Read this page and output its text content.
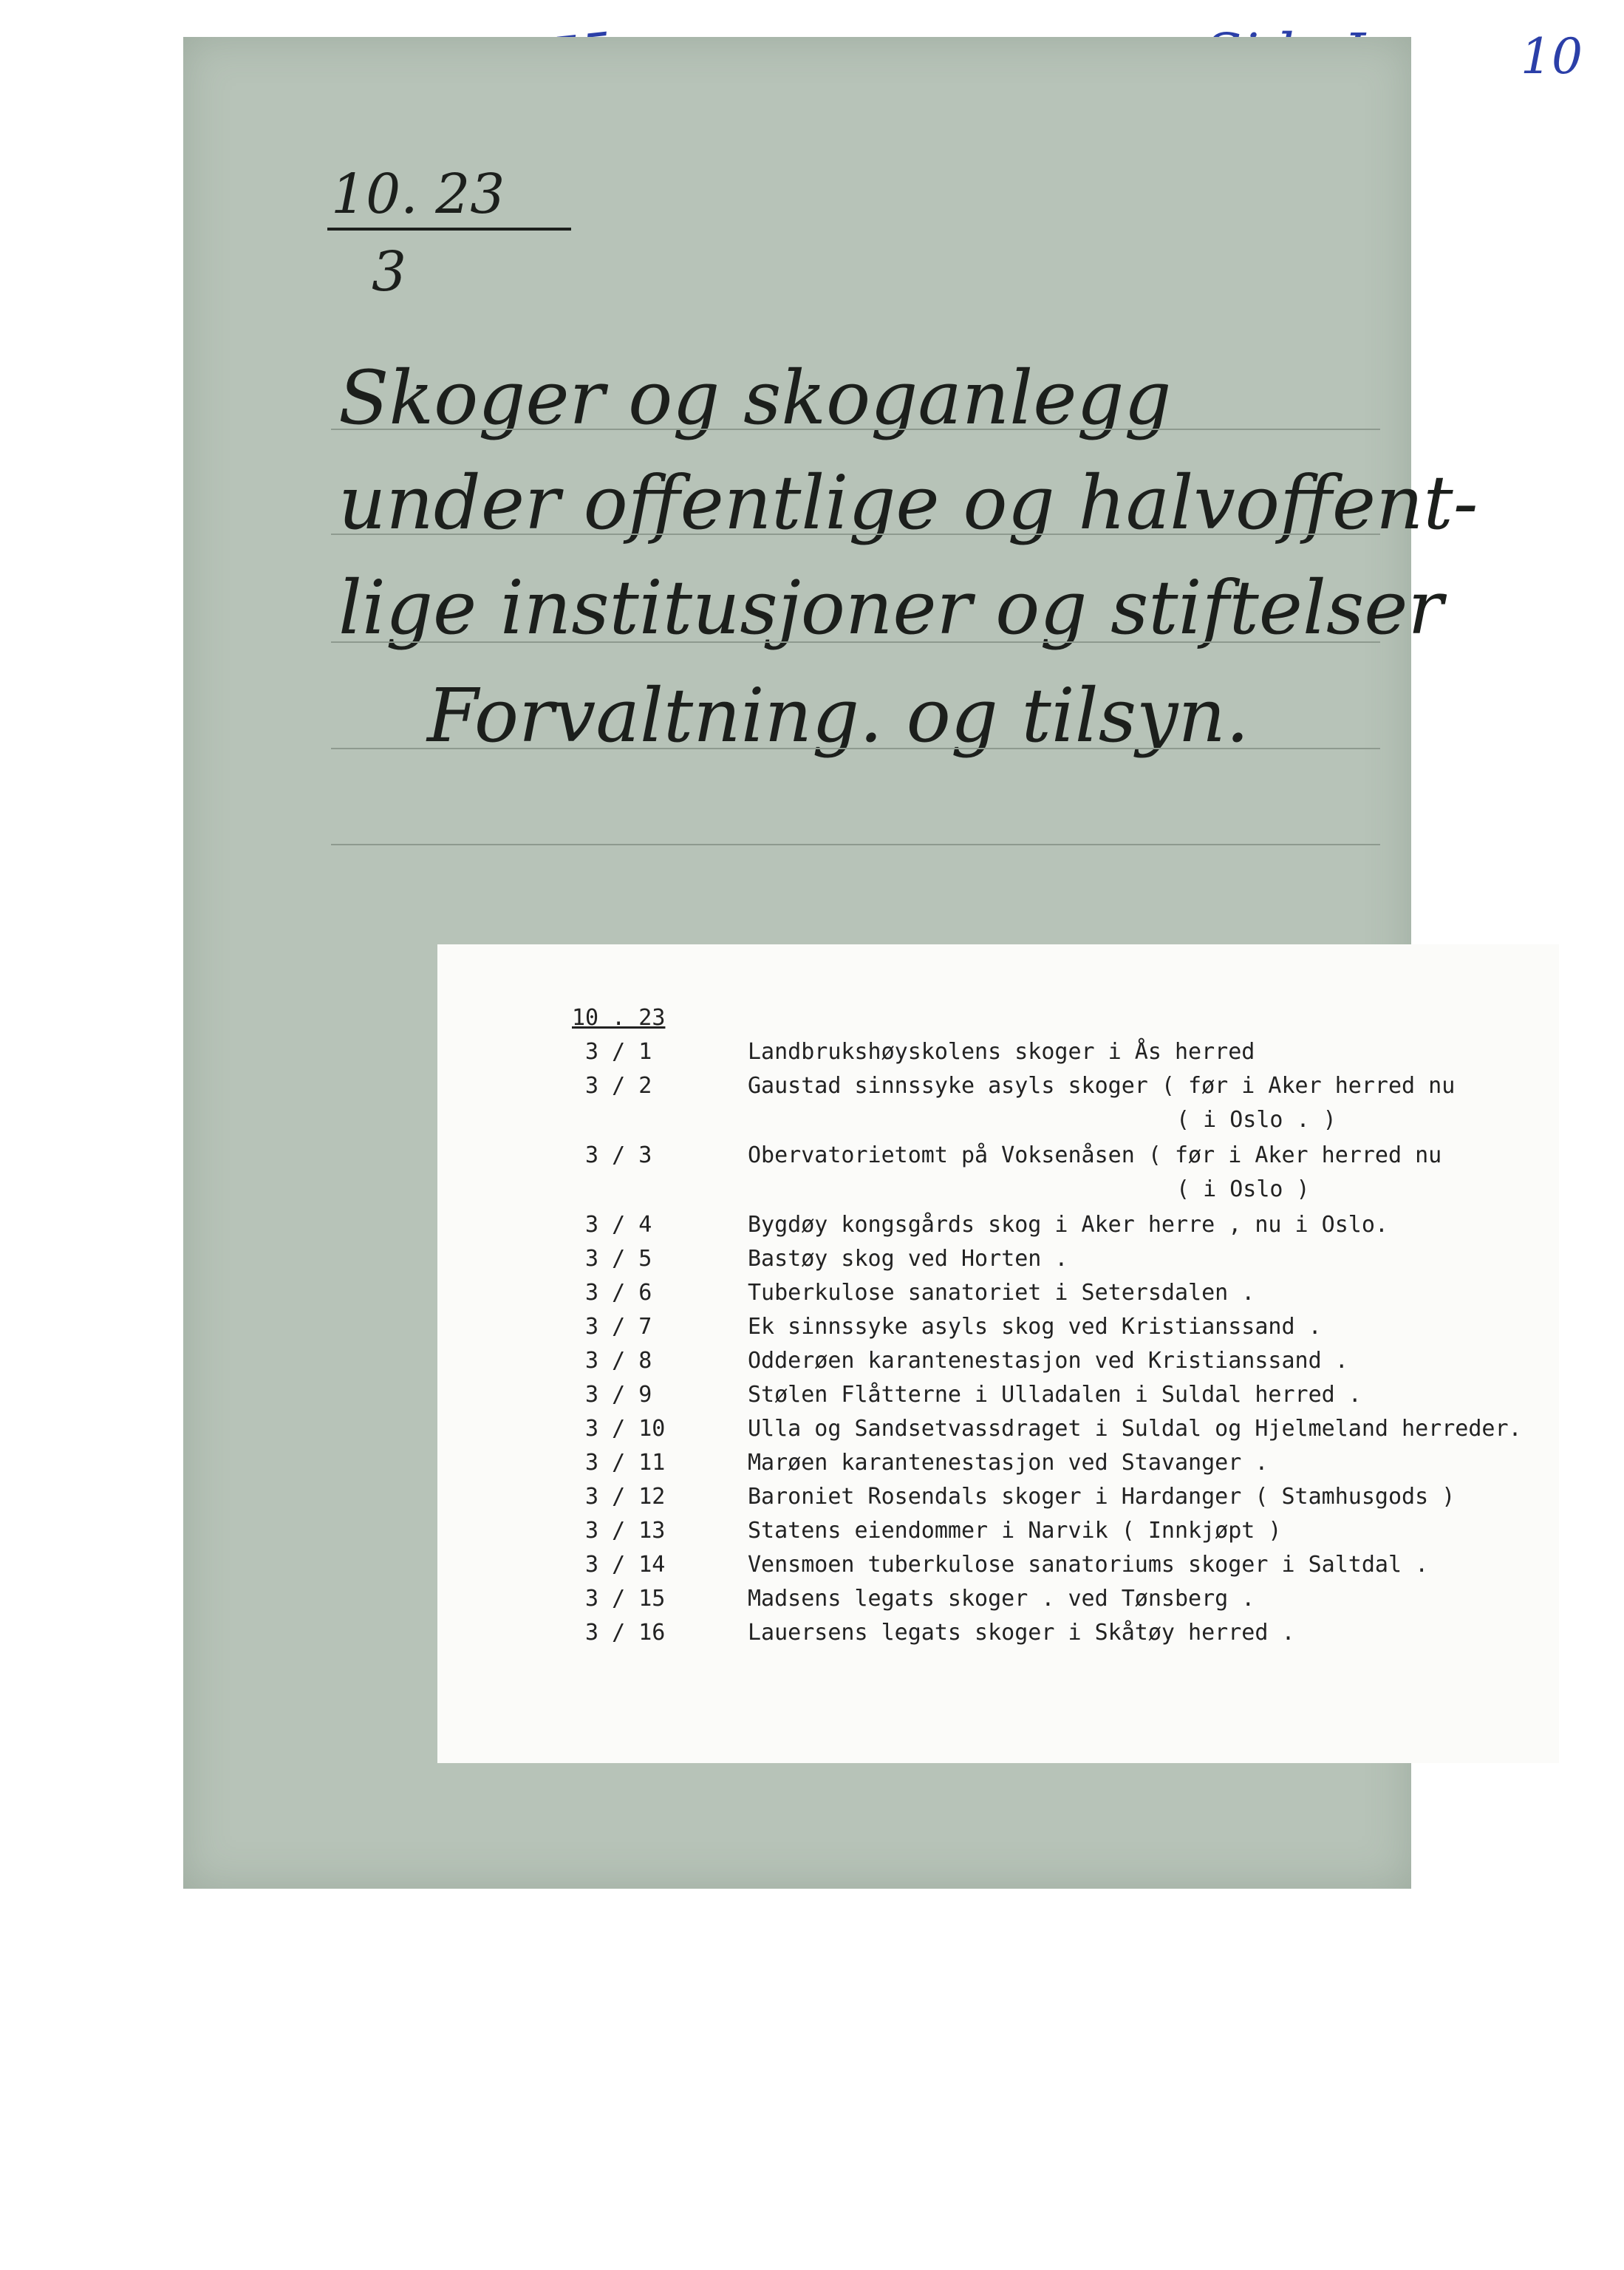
10
10. 23
3
Skoger og skoganlegg
under offentlige og halvoffent-
lige institusjoner og stiftelser
Forvaltning. og tilsyn.
10 . 23
3 / 1	Landbrukshøyskolens skoger i Ås herred
3 / 2	Gaustad sinnssyke asyls skoger ( før i Aker herred nu
( i Oslo . )
3 / 3	Obervatorietomt på Voksenåsen ( før i Aker herred nu
( i Oslo )
3 / 4	Bygdøy kongsgårds skog i Aker herre , nu i Oslo.
3 / 5	Bastøy skog ved Horten .
3 / 6	Tuberkulose sanatoriet i Setersdalen .
3 / 7	Ek sinnssyke asyls skog ved Kristianssand .
3 / 8	Odderøen karantenestasjon ved Kristianssand .
3 / 9	Stølen Flåtterne i Ulladalen i Suldal herred .
3 / 10	Ulla og Sandsetvassdraget i Suldal og Hjelmeland herreder.
3 / 11	Marøen karantenestasjon ved Stavanger .
3 / 12	Baroniet Rosendals skoger i Hardanger ( Stamhusgods )
3 / 13	Statens eiendommer i Narvik ( Innkjøpt )
3 / 14	Vensmoen tuberkulose sanatoriums skoger i Saltdal .
3 / 15	Madsens legats skoger . ved Tønsberg .
3 / 16	Lauersens legats skoger i Skåtøy herred .
